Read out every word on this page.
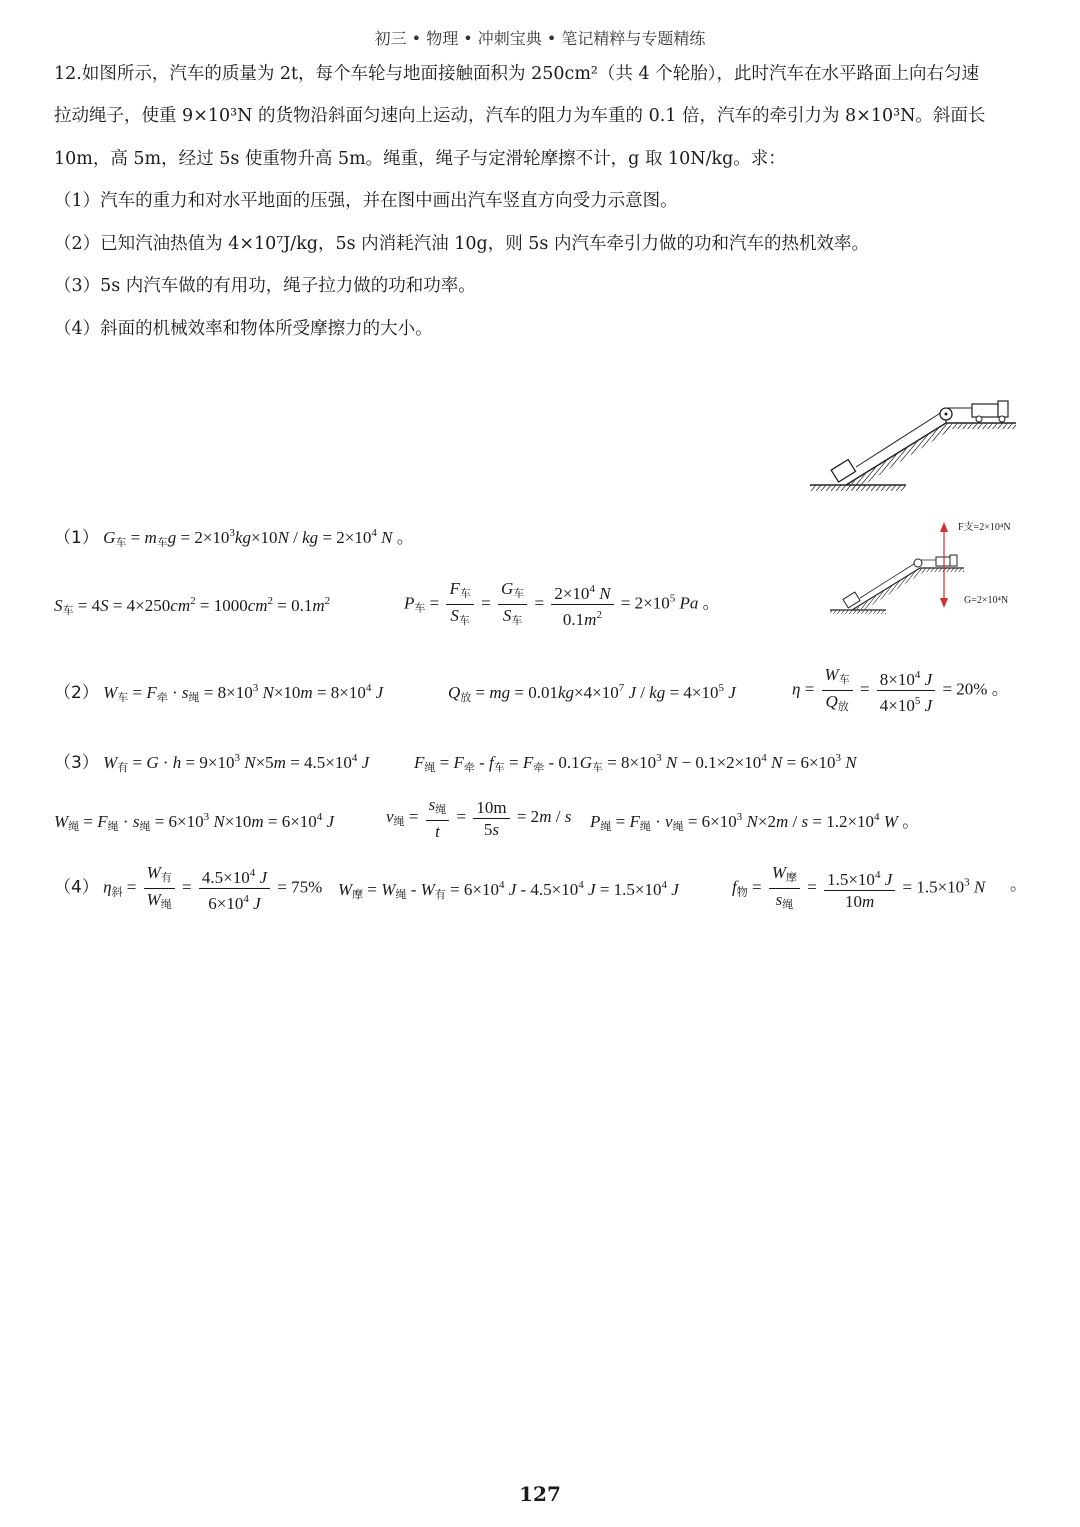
初三 • 物理 • 冲刺宝典 • 笔记精粹与专题精练
12.如图所示，汽车的质量为 2t，每个车轮与地面接触面积为 250cm²（共 4 个轮胎），此时汽车在水平路面上向右匀速
拉动绳子，使重 9×10³N 的货物沿斜面匀速向上运动，汽车的阻力为车重的 0.1 倍，汽车的牵引力为 8×10³N。斜面长
10m，高 5m，经过 5s 使重物升高 5m。绳重，绳子与定滑轮摩擦不计，g 取 10N/kg。求：
（1）汽车的重力和对水平地面的压强，并在图中画出汽车竖直方向受力示意图。
（2）已知汽油热值为 4×10⁷J/kg，5s 内消耗汽油 10g，则 5s 内汽车牵引力做的功和汽车的热机效率。
（3）5s 内汽车做的有用功，绳子拉力做的功和功率。
（4）斜面的机械效率和物体所受摩擦力的大小。
（1） $G_车 = m_车g = 2\times 10^3kg\times 10N$ / kg = $2\times 10^4$ N 。
F支=2×10⁴N
G=2×10⁴N
$S_车 = 4S = 4\times 250cm^2 = 1000cm^2 = 0.1m^2$	$P_车 = \frac{F_车}{S_车} = \frac{G_车}{S_车} = \frac{2\times 10^4 N}{0.1m^2} = 2\times 10^5$ Pa 。
（2） $W_车 = F_牵 \cdot s_绳 = 8\times 10^3$ $N\times 10m = 8\times 10^4$ J	$Q_放$ = mg = $0.01kg\times 4\times 10^7$ J / kg = $4\times 10^5$ J	$\eta = \frac{W_车}{Q_放} = \frac{8\times 10^4 J}{4\times 10^5 J} = 20\%$ 。
（3） $W_有 = G \cdot h = 9\times 10^3$ $N\times 5m = 4.5\times 10^4$ J	$F_绳 = F_牵 - f_车 = F_牵 - 0.1G_车 = 8\times 10^3$ $N - 0.1\times 2\times 10^4$ $N = 6\times 10^3$ N
$W_绳 = F_绳 \cdot s_绳 = 6\times 10^3$ $N\times 10m = 6\times 10^4$ J	$v_绳 = \frac{s_绳}{t} = \frac{10m}{5s} = 2m / s$ $P_绳 = F_绳 \cdot v_绳 = 6\times 10^3$ $N\times 2m / s = 1.2\times 10^4$ W 。
（4） $\eta_斜 = \frac{W_有}{W_绳} = \frac{4.5\times 10^4 J}{6\times 10^4 J} = 75\%$ $W_摩 = W_绳 - W_有 = 6\times 10^4$ $J - 4.5\times 10^4$ $J = 1.5\times 10^4$ J	$f_物 = \frac{W_摩}{s_绳} = \frac{1.5\times 10^4 J}{10m} = 1.5\times 10^3$ N 。
127
